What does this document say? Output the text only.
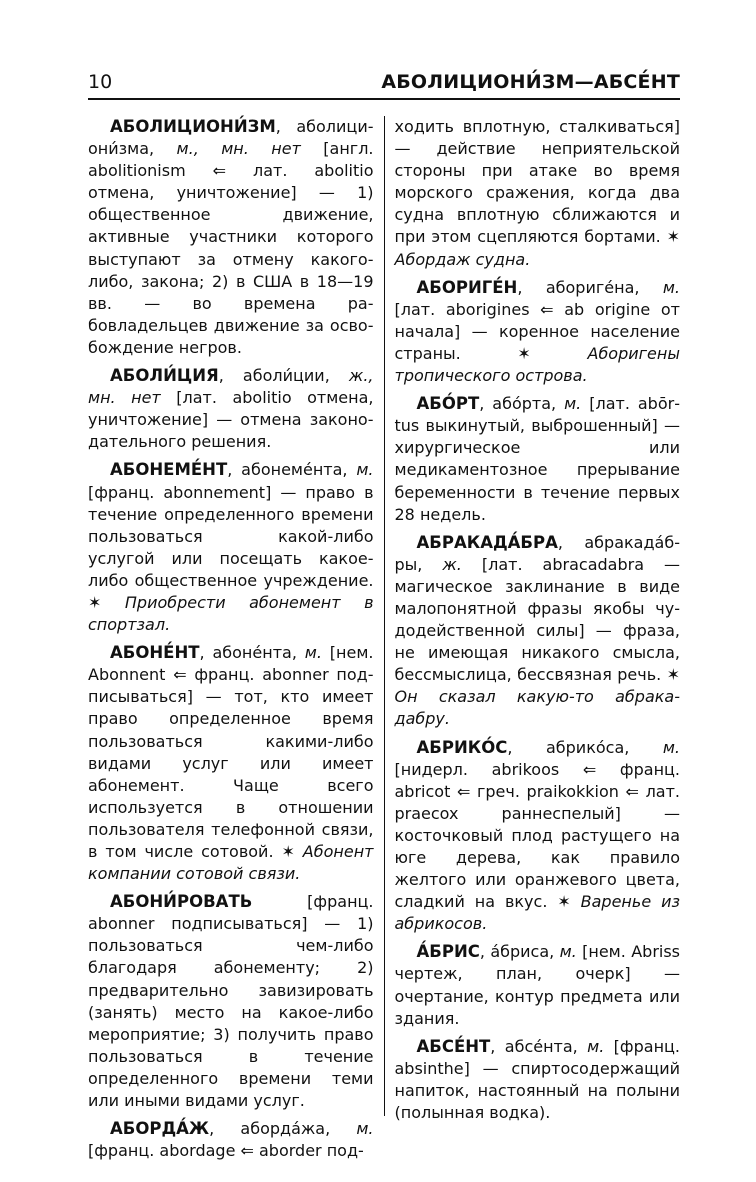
10	АБОЛИЦИОНИ́ЗМ—АБСЕ́НТ

АБОЛИЦИОНИ́ЗМ, аболициони́зма, м., мн. нет [англ. abolitionism ⇐ лат. abolitio отмена, уничтожение] — 1) общественное движение, активные участники которого выступают за отмену какого-либо, закона; 2) в США в 18—19 вв. — во времена рабовладельцев движение за освобождение негров.

АБОЛИ́ЦИЯ, аболи́ции, ж., мн. нет [лат. abolitio отмена, уничтожение] — отмена законодательного решения.

АБОНЕМЕ́НТ, абонеме́нта, м. [франц. abonnement] — право в течение определенного времени пользоваться какой-либо услугой или посещать какое-либо общественное учреждение. ✶ Приобрести абонемент в спортзал.

АБОНЕ́НТ, абоне́нта, м. [нем. Abonnent ⇐ франц. abonner подписываться] — тот, кто имеет право определенное время пользоваться какими-либо видами услуг или имеет абонемент. Чаще всего используется в отношении пользователя телефонной связи, в том числе сотовой. ✶ Абонент компании сотовой связи.

АБОНИ́РОВАТЬ [франц. abonner подписываться] — 1) пользоваться чем-либо благодаря абонементу; 2) предварительно завизировать (занять) место на какое-либо мероприятие; 3) получить право пользоваться в течение определенного времени теми или иными видами услуг.

АБОРДА́Ж, аборда́жа, м. [франц. abordage ⇐ aborder под-

ходить вплотную, сталкиваться] — действие неприятельской стороны при атаке во время морского сражения, когда два судна вплотную сближаются и при этом сцепляются бортами. ✶ Абордаж судна.

АБОРИГЕ́Н, абориге́на, м. [лат. aborigines ⇐ ab origine от начала] — коренное население страны. ✶ Аборигены тропического острова.

АБО́РТ, або́рта, м. [лат. abōrtus выкинутый, выброшенный] — хирургическое или медикаментозное прерывание беременности в течение первых 28 недель.

АБРАКАДА́БРА, абракада́бры, ж. [лат. abracadabra — магическое заклинание в виде малопонятной фразы якобы чудодейственной силы] — фраза, не имеющая никакого смысла, бессмыслица, бессвязная речь. ✶ Он сказал какую-то абракадабру.

АБРИКО́С, абрико́са, м. [нидерл. abrikoos ⇐ франц. abricot ⇐ греч. praikokkion ⇐ лат. praecox раннеспелый] — косточковый плод растущего на юге дерева, как правило желтого или оранжевого цвета, сладкий на вкус. ✶ Варенье из абрикосов.

А́БРИС, а́бриса, м. [нем. Abriss чертеж, план, очерк] — очертание, контур предмета или здания.

АБСЕ́НТ, абсе́нта, м. [франц. absinthe] — спиртосодержащий напиток, настоянный на полыни (полынная водка).
